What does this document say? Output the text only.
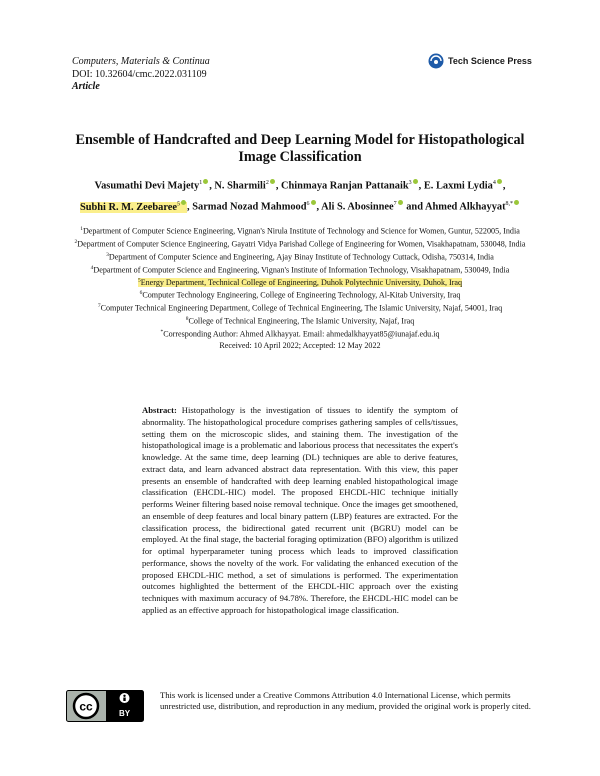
Computers, Materials & Continua
DOI: 10.32604/cmc.2022.031109
Article
Tech Science Press
Ensemble of Handcrafted and Deep Learning Model for Histopathological
Image Classification
Vasumathi Devi Majety$^1$ , N. Sharmili$^2$ , Chinmaya Ranjan Pattanaik$^3$ , E. Laxmi Lydia$^4$ ,
Subhi R. M. Zeebaree$^5$ , Sarmad Nozad Mahmood$^6$ , Ali S. Abosinnee$^7$ and Ahmed Alkhayyat$^{8,*}$
$^1$Department of Computer Science Engineering, Vignan's Nirula Institute of Technology and Science for Women, Guntur, 522005, India
$^2$Department of Computer Science Engineering, Gayatri Vidya Parishad College of Engineering for Women, Visakhapatnam, 530048, India
$^3$Department of Computer Science and Engineering, Ajay Binay Institute of Technology Cuttack, Odisha, 750314, India
$^4$Department of Computer Science and Engineering, Vignan's Institute of Information Technology, Visakhapatnam, 530049, India
$^5$Energy Department, Technical College of Engineering, Duhok Polytechnic University, Duhok, Iraq
$^6$Computer Technology Engineering, College of Engineering Technology, Al-Kitab University, Iraq
$^7$Computer Technical Engineering Department, College of Technical Engineering, The Islamic University, Najaf, 54001, Iraq
$^8$College of Technical Engineering, The Islamic University, Najaf, Iraq
*Corresponding Author: Ahmed Alkhayyat. Email: ahmedalkhayyat85@iunajaf.edu.iq
Received: 10 April 2022; Accepted: 12 May 2022
Abstract: Histopathology is the investigation of tissues to identify the symptom of abnormality. The histopathological procedure comprises gathering samples of cells/tissues, setting them on the microscopic slides, and staining them. The investigation of the histopathological image is a problematic and laborious process that necessitates the expert's knowledge. At the same time, deep learning (DL) techniques are able to derive features, extract data, and learn advanced abstract data representation. With this view, this paper presents an ensemble of handcrafted with deep learning enabled histopathological image classification (EHCDL-HIC) model. The proposed EHCDL-HIC technique initially performs Weiner filtering based noise removal technique. Once the images get smoothened, an ensemble of deep features and local binary pattern (LBP) features are extracted. For the classification process, the bidirectional gated recurrent unit (BGRU) model can be employed. At the final stage, the bacterial foraging optimization (BFO) algorithm is utilized for optimal hyperparameter tuning process which leads to improved classification performance, shows the novelty of the work. For validating the enhanced execution of the proposed EHCDL-HIC method, a set of simulations is performed. The experimentation outcomes highlighted the betterment of the EHCDL-HIC approach over the existing techniques with maximum accuracy of 94.78%. Therefore, the EHCDL-HIC model can be applied as an effective approach for histopathological image classification.
cc	BY
This work is licensed under a Creative Commons Attribution 4.0 International License, which permits unrestricted use, distribution, and reproduction in any medium, provided the original work is properly cited.
